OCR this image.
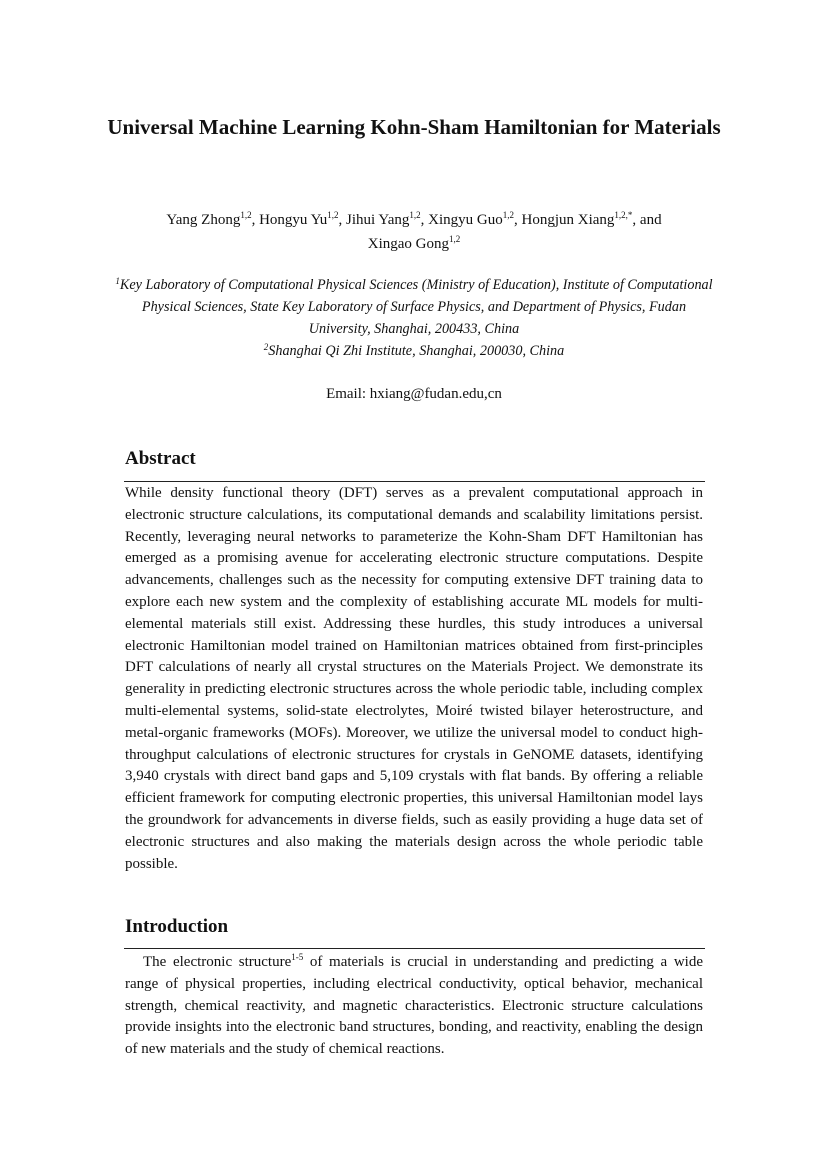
Universal Machine Learning Kohn-Sham Hamiltonian for Materials
Yang Zhong$^{1,2}$, Hongyu Yu$^{1,2}$, Jihui Yang$^{1,2}$, Xingyu Guo$^{1,2}$, Hongjun Xiang$^{1,2,*}$, and
Xingao Gong$^{1,2}$
$^1$Key Laboratory of Computational Physical Sciences (Ministry of Education), Institute of Computational Physical Sciences, State Key Laboratory of Surface Physics, and Department of Physics, Fudan University, Shanghai, 200433, China
$^2$Shanghai Qi Zhi Institute, Shanghai, 200030, China
Email: hxiang@fudan.edu,cn
Abstract

While density functional theory (DFT) serves as a prevalent computational approach in electronic structure calculations, its computational demands and scalability limitations persist. Recently, leveraging neural networks to parameterize the Kohn-Sham DFT Hamiltonian has emerged as a promising avenue for accelerating electronic structure computations. Despite advancements, challenges such as the necessity for computing extensive DFT training data to explore each new system and the complexity of establishing accurate ML models for multi-elemental materials still exist. Addressing these hurdles, this study introduces a universal electronic Hamiltonian model trained on Hamiltonian matrices obtained from first-principles DFT calculations of nearly all crystal structures on the Materials Project. We demonstrate its generality in predicting electronic structures across the whole periodic table, including complex multi-elemental systems, solid-state electrolytes, Moiré twisted bilayer heterostructure, and metal-organic frameworks (MOFs). Moreover, we utilize the universal model to conduct high-throughput calculations of electronic structures for crystals in GeNOME datasets, identifying 3,940 crystals with direct band gaps and 5,109 crystals with flat bands. By offering a reliable efficient framework for computing electronic properties, this universal Hamiltonian model lays the groundwork for advancements in diverse fields, such as easily providing a huge data set of electronic structures and also making the materials design across the whole periodic table possible.

Introduction

The electronic structure$^{1-5}$ of materials is crucial in understanding and predicting a wide range of physical properties, including electrical conductivity, optical behavior, mechanical strength, chemical reactivity, and magnetic characteristics. Electronic structure calculations provide insights into the electronic band structures, bonding, and reactivity, enabling the design of new materials and the study of chemical reactions.
